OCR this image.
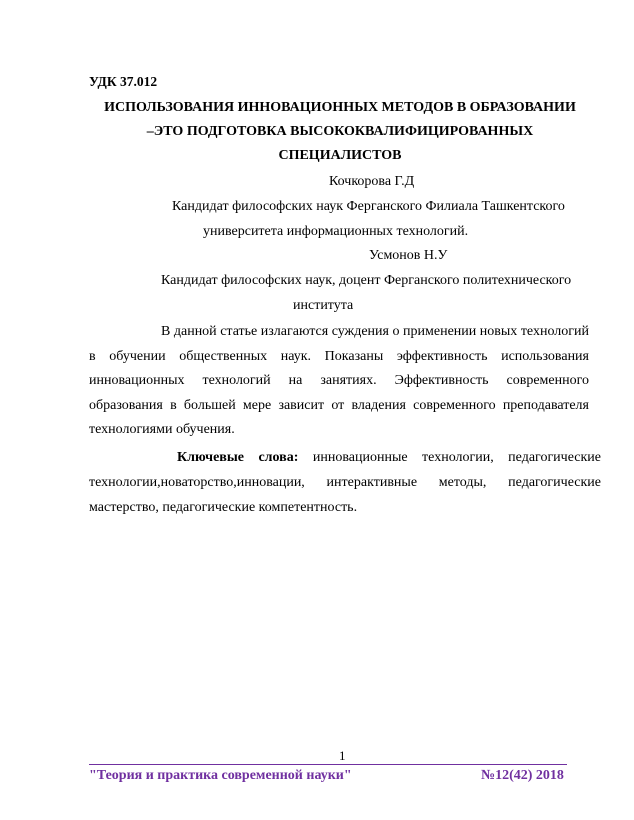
УДК 37.012
ИСПОЛЬЗОВАНИЯ ИННОВАЦИОННЫХ МЕТОДОВ В ОБРАЗОВАНИИ
–ЭТО ПОДГОТОВКА ВЫСОКОКВАЛИФИЦИРОВАННЫХ
СПЕЦИАЛИСТОВ
Кочкорова Г.Д
Кандидат философских наук Ферганского Филиала Ташкентского
университета информационных технологий.
Усмонов Н.У
Кандидат философских наук, доцент Ферганского политехнического
института

В данной статье излагаются суждения о применении новых технологий в обучении общественных наук. Показаны эффективность использования инновационных технологий на занятиях. Эффективность современного образования в большей мере зависит от владения современного преподавателя технологиями обучения.

Ключевые слова: инновационные технологии, педагогические технологии,новаторство,инновации, интерактивные методы, педагогические мастерство, педагогические компетентность.

1
"Теория и практика современной науки"	№12(42) 2018
